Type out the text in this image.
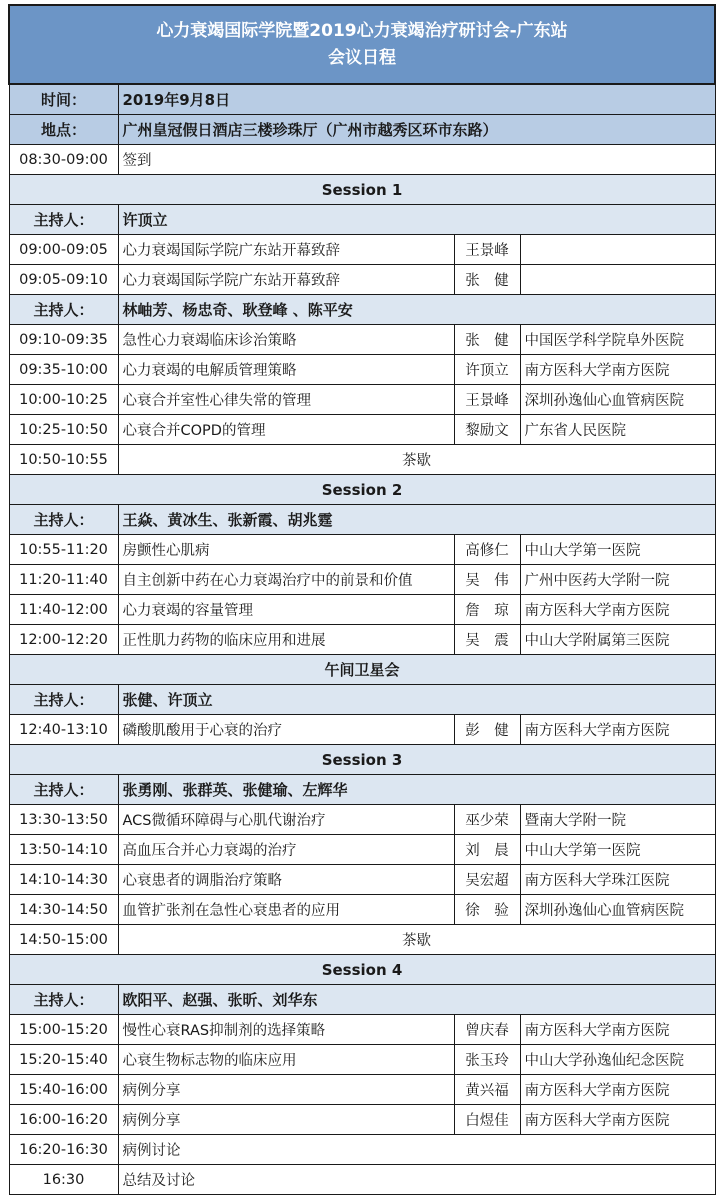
心力衰竭国际学院暨2019心力衰竭治疗研讨会-广东站
会议日程			

时间：	2019年9月8日		
地点：	广州皇冠假日酒店三楼珍珠厅（广州市越秀区环市东路）		
08:30-09:00	签到		
Session 1			
主持人：	许顶立		
09:00-09:05	心力衰竭国际学院广东站开幕致辞	王景峰	
09:05-09:10	心力衰竭国际学院广东站开幕致辞	张　健	
主持人：	林岫芳、杨忠奇、耿登峰 、陈平安		
09:10-09:35	急性心力衰竭临床诊治策略	张　健	中国医学科学院阜外医院
09:35-10:00	心力衰竭的电解质管理策略	许顶立	南方医科大学南方医院
10:00-10:25	心衰合并室性心律失常的管理	王景峰	深圳孙逸仙心血管病医院
10:25-10:50	心衰合并COPD的管理	黎励文	广东省人民医院
10:50-10:55	茶歇		
Session 2			
主持人：	王焱、黄冰生、张新霞、胡兆霆		
10:55-11:20	房颤性心肌病	高修仁	中山大学第一医院
11:20-11:40	自主创新中药在心力衰竭治疗中的前景和价值	吴　伟	广州中医药大学附一院
11:40-12:00	心力衰竭的容量管理	詹　琼	南方医科大学南方医院
12:00-12:20	正性肌力药物的临床应用和进展	吴　震	中山大学附属第三医院
午间卫星会			
主持人：	张健、许顶立		
12:40-13:10	磷酸肌酸用于心衰的治疗	彭　健	南方医科大学南方医院
Session 3			
主持人：	张勇刚、张群英、张健瑜、左辉华		
13:30-13:50	ACS微循环障碍与心肌代谢治疗	巫少荣	暨南大学附一院
13:50-14:10	高血压合并心力衰竭的治疗	刘　晨	中山大学第一医院
14:10-14:30	心衰患者的调脂治疗策略	吴宏超	南方医科大学珠江医院
14:30-14:50	血管扩张剂在急性心衰患者的应用	徐　验	深圳孙逸仙心血管病医院
14:50-15:00	茶歇		
Session 4			
主持人：	欧阳平、赵强、张昕、刘华东		
15:00-15:20	慢性心衰RAS抑制剂的选择策略	曾庆春	南方医科大学南方医院
15:20-15:40	心衰生物标志物的临床应用	张玉玲	中山大学孙逸仙纪念医院
15:40-16:00	病例分享	黄兴福	南方医科大学南方医院
16:00-16:20	病例分享	白煜佳	南方医科大学南方医院
16:20-16:30	病例讨论		
16:30	总结及讨论		
